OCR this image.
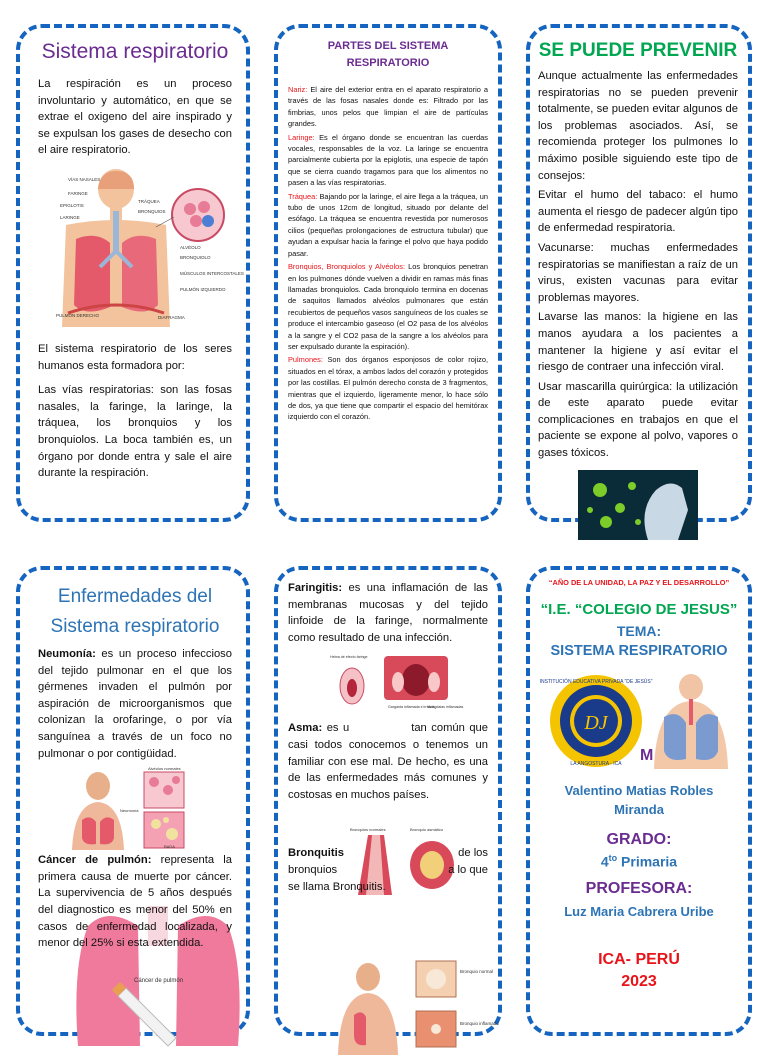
Sistema respiratorio

La respiración es un proceso involuntario y automático, en que se extrae el oxigeno del aire inspirado y se expulsan los gases de desecho con el aire respiratorio.

VÍAS NASALES
FARINGE
EPIGLOTIS
TRÁQUEA
LARINGE
BRONQUIOS
ALVÉOLO
BRONQUIOLO
MÚSCULOS INTERCOSTALES
PULMÓN IZQUIERDO
PULMÓN DERECHO	DIAFRAGMA

El sistema respiratorio de los seres humanos esta formadora por:

Las vías respiratorias: son las fosas nasales, la faringe, la laringe, la tráquea, los bronquios y los bronquiolos. La boca también es, un órgano por donde entra y sale el aire durante la respiración.

PARTES DEL SISTEMA RESPIRATORIO

Nariz: El aire del exterior entra en el aparato respiratorio a través de las fosas nasales donde es: Filtrado por las fimbrias, unos pelos que limpian el aire de partículas grandes.

Laringe: Es el órgano donde se encuentran las cuerdas vocales, responsables de la voz. La laringe se encuentra parcialmente cubierta por la epiglotis, una especie de tapón que se cierra cuando tragamos para que los alimentos no pasen a las vías respiratorias.

Tráquea: Bajando por la laringe, el aire llega a la tráquea, un tubo de unos 12cm de longitud, situado por delante del esófago. La tráquea se encuentra revestida por numerosos cilios (pequeñas prolongaciones de estructura tubular) que ayudan a expulsar hacia la faringe el polvo que haya podido pasar.

Bronquios, Bronquiolos y Alvéolos: Los bronquios penetran en los pulmones dónde vuelven a dividir en ramas más finas llamadas bronquiolos. Cada bronquiolo termina en docenas de saquitos llamados alvéolos pulmonares que están recubiertos de pequeños vasos sanguíneos de los cuales se produce el intercambio gaseoso (el O2 pasa de los alvéolos a la sangre y el CO2 pasa de la sangre a los alvéolos para ser expulsado durante la espiración).

Pulmones: Son dos órganos esponjosos de color rojizo, situados en el tórax, a ambos lados del corazón y protegidos por las costillas. El pulmón derecho consta de 3 fragmentos, mientras que el izquierdo, ligeramente menor, lo hace sólo de dos, ya que tiene que compartir el espacio del hemitórax izquierdo con el corazón.

SE PUEDE PREVENIR

Aunque actualmente las enfermedades respiratorias no se pueden prevenir totalmente, se pueden evitar algunos de los problemas asociados. Así, se recomienda proteger los pulmones lo máximo posible siguiendo este tipo de consejos:

Evitar el humo del tabaco: el humo aumenta el riesgo de padecer algún tipo de enfermedad respiratoria.

Vacunarse: muchas enfermedades respiratorias se manifiestan a raíz de un virus, existen vacunas para evitar problemas mayores.

Lavarse las manos: la higiene en las manos ayudara a los pacientes a mantener la higiene y así evitar el riesgo de contraer una infección viral.

Usar mascarilla quirúrgica: la utilización de este aparato puede evitar complicaciones en trabajos en que el paciente se expone al polvo, vapores o gases tóxicos.

Enfermedades del Sistema respiratorio

Neumonía: es un proceso infeccioso del tejido pulmonar en el que los gérmenes invaden el pulmón por aspiración de microorganismos que colonizan la orofaringe, o por vía sanguínea a través de un foco no pulmonar o por contigüidad.

Alvéolos normales
Neumonía
BADA
Cáncer de pulmón

Cáncer de pulmón: representa la primera causa de muerte por cáncer. La supervivencia de 5 años después del diagnostico es menor del 50% en casos de enfermedad localizada, y menor del 25% si esta extendida.

Faringitis: es una inflamación de las membranas mucosas y del tejido linfoide de la faringe, normalmente como resultado de una infección.

Hebra de efecto faringe
Garganta inflamada e irritada
Amígdalas inflamadas

Asma: es u	tan común que casi todos conocemos o tenemos un familiar con ese mal. De hecho, es una de las enfermedades más comunes y costosas en muchos países.

Bronquios normales	Bronquio asmático
Bronquitis	de los
bronquios	a lo que
se llama Bronquitis.
Bronquio normal
Bronquio inflamado
“AÑO DE LA UNIDAD, LA PAZ Y EL DESARROLLO”
“I.E. “COLEGIO DE JESUS”
TEMA:
SISTEMA RESPIRATORIO
DJ
INSTITUCIÓN EDUCATIVA PRIVADA “DE JESÚS”
LA ANGOSTURA - ICA M
Valentino Matias Robles
Miranda
GRADO:
$4^{to}$ Primaria
PROFESORA:
Luz Maria Cabrera Uribe
ICA- PERÚ
2023
